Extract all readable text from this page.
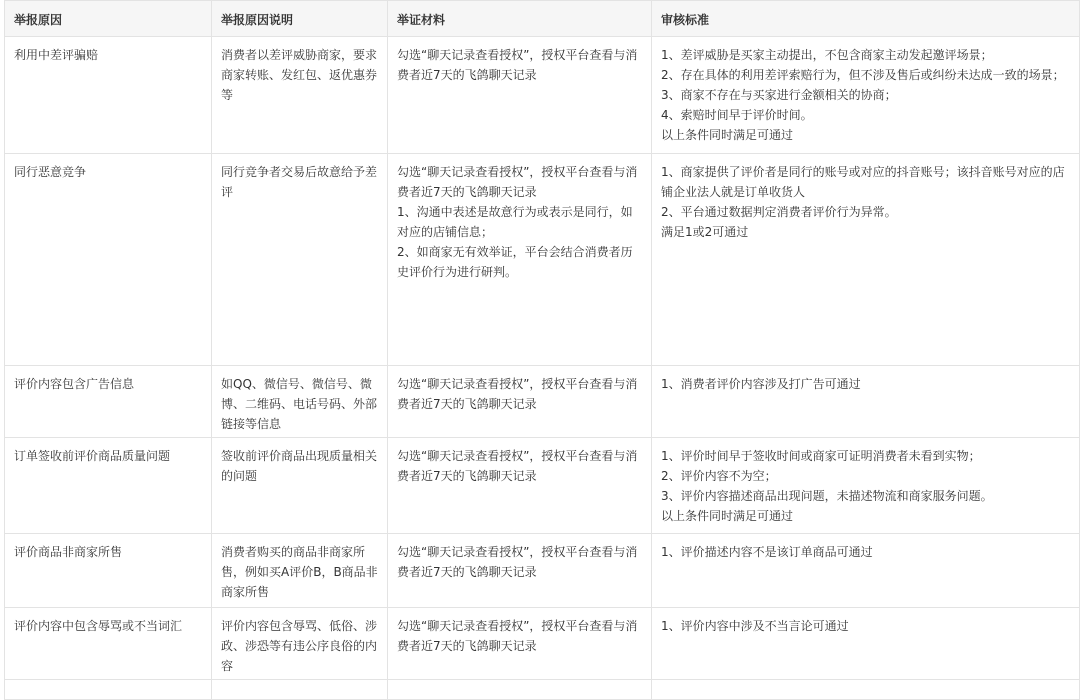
举报原因	举报原因说明	举证材料	审核标准
利用中差评骗赔	消费者以差评威胁商家，要求商家转账、发红包、返优惠券等	勾选“聊天记录查看授权”，授权平台查看与消费者近7天的飞鸽聊天记录	1、差评威胁是买家主动提出，不包含商家主动发起邀评场景；
2、存在具体的利用差评索赔行为，但不涉及售后或纠纷未达成一致的场景；
3、商家不存在与买家进行金额相关的协商；
4、索赔时间早于评价时间。
以上条件同时满足可通过

同行恶意竞争	同行竞争者交易后故意给予差评	勾选“聊天记录查看授权”，授权平台查看与消费者近7天的飞鸽聊天记录
1、沟通中表述是故意行为或表示是同行，如对应的店铺信息；
2、如商家无有效举证，平台会结合消费者历史评价行为进行研判。	1、商家提供了评价者是同行的账号或对应的抖音账号；该抖音账号对应的店铺企业法人就是订单收货人
2、平台通过数据判定消费者评价行为异常。
满足1或2可通过

评价内容包含广告信息	如QQ、微信号、微信号、微博、二维码、电话号码、外部链接等信息	勾选“聊天记录查看授权”，授权平台查看与消费者近7天的飞鸽聊天记录	1、消费者评价内容涉及打广告可通过

订单签收前评价商品质量问题	签收前评价商品出现质量相关的问题	勾选“聊天记录查看授权”，授权平台查看与消费者近7天的飞鸽聊天记录	1、评价时间早于签收时间或商家可证明消费者未看到实物；
2、评价内容不为空；
3、评价内容描述商品出现问题，未描述物流和商家服务问题。
以上条件同时满足可通过

评价商品非商家所售	消费者购买的商品非商家所售，例如买A评价B，B商品非商家所售	勾选“聊天记录查看授权”，授权平台查看与消费者近7天的飞鸽聊天记录	1、评价描述内容不是该订单商品可通过

评价内容中包含辱骂或不当词汇	评价内容包含辱骂、低俗、涉政、涉恐等有违公序良俗的内容	勾选“聊天记录查看授权”，授权平台查看与消费者近7天的飞鸽聊天记录	1、评价内容中涉及不当言论可通过
